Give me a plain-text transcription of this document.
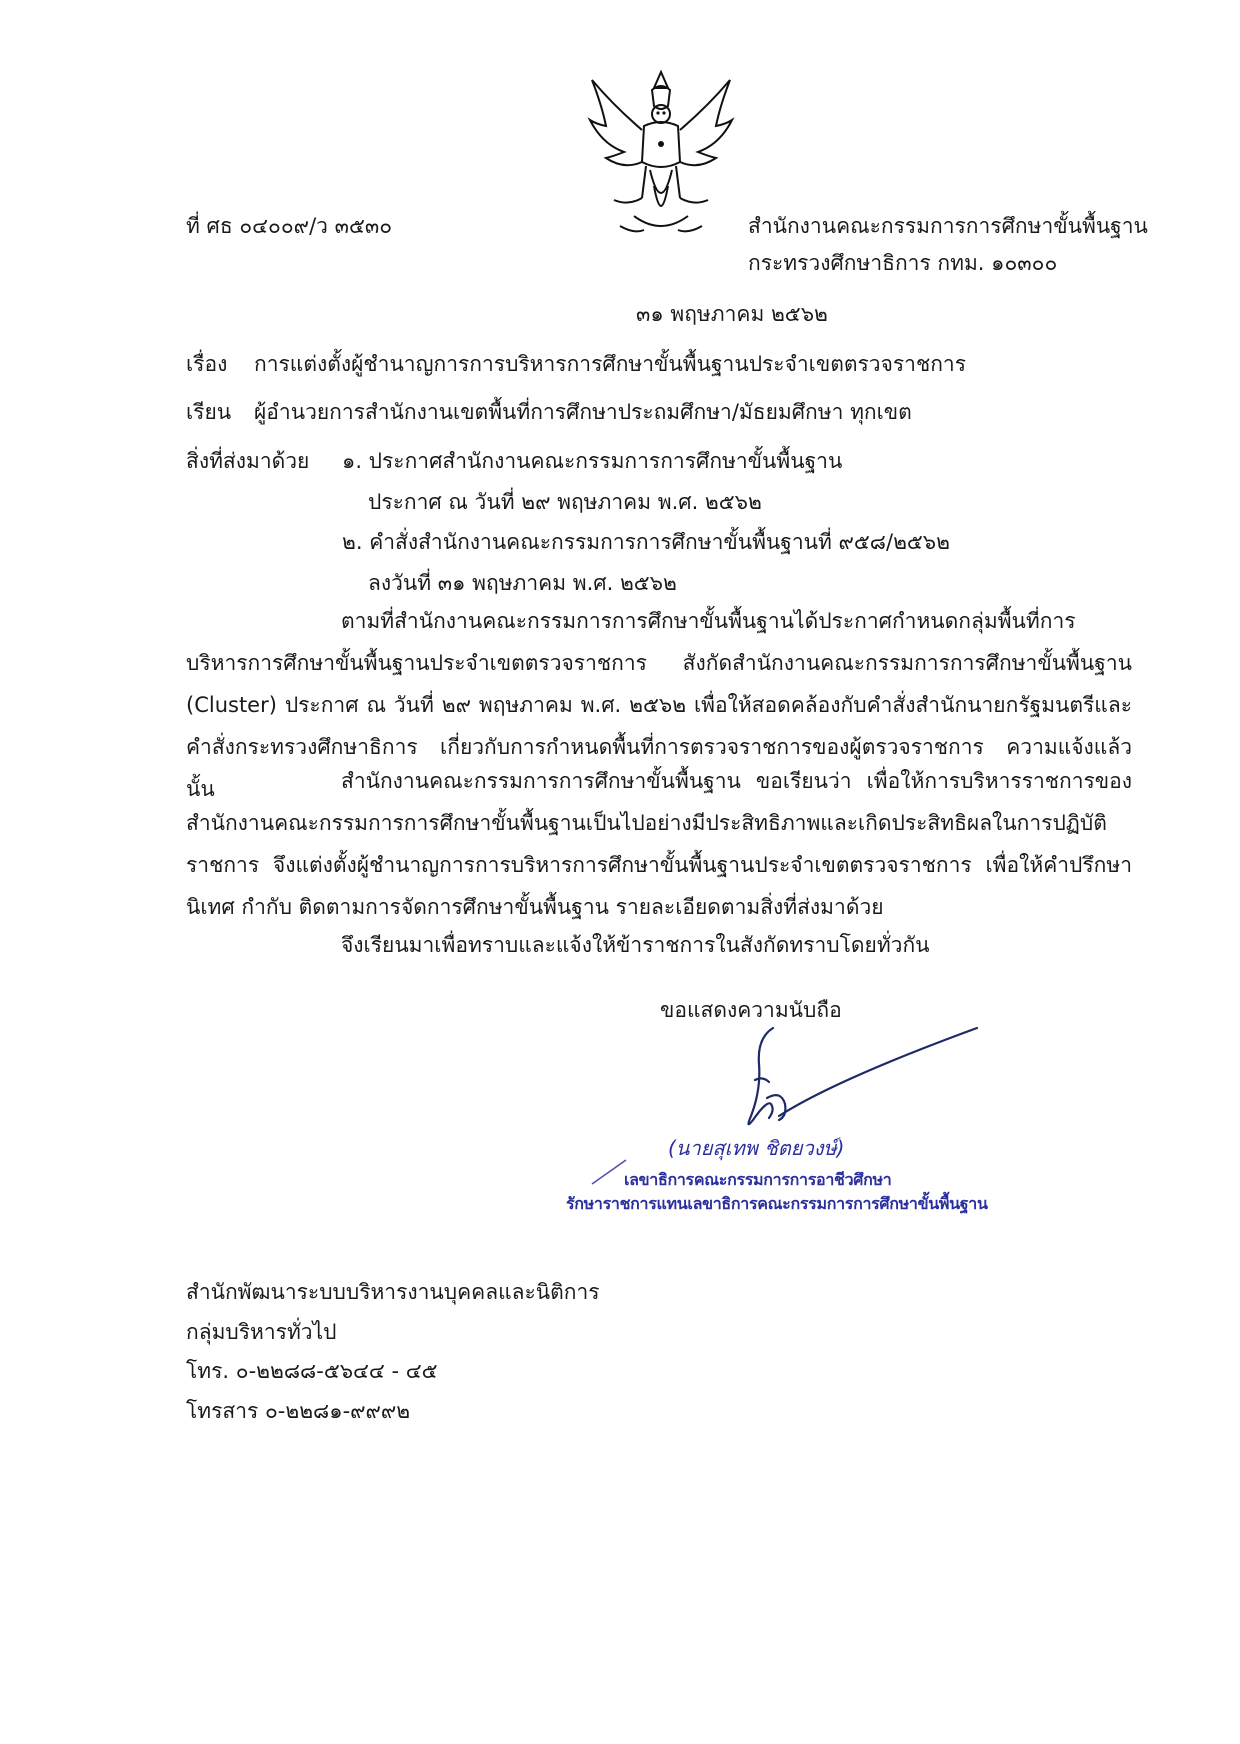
ที่ ศธ ๐๔๐๐๙/ว ๓๕๓๐	สำนักงานคณะกรรมการการศึกษาขั้นพื้นฐาน
กระทรวงศึกษาธิการ กทม. ๑๐๓๐๐
๓๑ พฤษภาคม ๒๕๖๒
เรื่อง การแต่งตั้งผู้ชำนาญการการบริหารการศึกษาขั้นพื้นฐานประจำเขตตรวจราชการ
เรียน ผู้อำนวยการสำนักงานเขตพื้นที่การศึกษาประถมศึกษา/มัธยมศึกษา ทุกเขต
สิ่งที่ส่งมาด้วย ๑. ประกาศสำนักงานคณะกรรมการการศึกษาขั้นพื้นฐาน
ประกาศ ณ วันที่ ๒๙ พฤษภาคม พ.ศ. ๒๕๖๒
๒. คำสั่งสำนักงานคณะกรรมการการศึกษาขั้นพื้นฐานที่ ๙๕๘/๒๕๖๒
ลงวันที่ ๓๑ พฤษภาคม พ.ศ. ๒๕๖๒

ตามที่สำนักงานคณะกรรมการการศึกษาขั้นพื้นฐานได้ประกาศกำหนดกลุ่มพื้นที่การบริหารการศึกษาขั้นพื้นฐานประจำเขตตรวจราชการ สังกัดสำนักงานคณะกรรมการการศึกษาขั้นพื้นฐาน (Cluster) ประกาศ ณ วันที่ ๒๙ พฤษภาคม พ.ศ. ๒๕๖๒ เพื่อให้สอดคล้องกับคำสั่งสำนักนายกรัฐมนตรีและคำสั่งกระทรวงศึกษาธิการ เกี่ยวกับการกำหนดพื้นที่การตรวจราชการของผู้ตรวจราชการ ความแจ้งแล้ว นั้น	สำนักงานคณะกรรมการการศึกษาขั้นพื้นฐาน ขอเรียนว่า เพื่อให้การบริหารราชการของสำนักงานคณะกรรมการการศึกษาขั้นพื้นฐานเป็นไปอย่างมีประสิทธิภาพและเกิดประสิทธิผลในการปฏิบัติราชการ จึงแต่งตั้งผู้ชำนาญการการบริหารการศึกษาขั้นพื้นฐานประจำเขตตรวจราชการ เพื่อให้คำปรึกษา นิเทศ กำกับ ติดตามการจัดการศึกษาขั้นพื้นฐาน รายละเอียดตามสิ่งที่ส่งมาด้วย

จึงเรียนมาเพื่อทราบและแจ้งให้ข้าราชการในสังกัดทราบโดยทั่วกัน
ขอแสดงความนับถือ
(นายสุเทพ ชิตยวงษ์)
เลขาธิการคณะกรรมการการอาชีวศึกษา
รักษาราชการแทนเลขาธิการคณะกรรมการการศึกษาขั้นพื้นฐาน
สำนักพัฒนาระบบบริหารงานบุคคลและนิติการ
กลุ่มบริหารทั่วไป
โทร. ๐-๒๒๘๘-๕๖๔๔ - ๔๕
โทรสาร ๐-๒๒๘๑-๙๙๙๒
